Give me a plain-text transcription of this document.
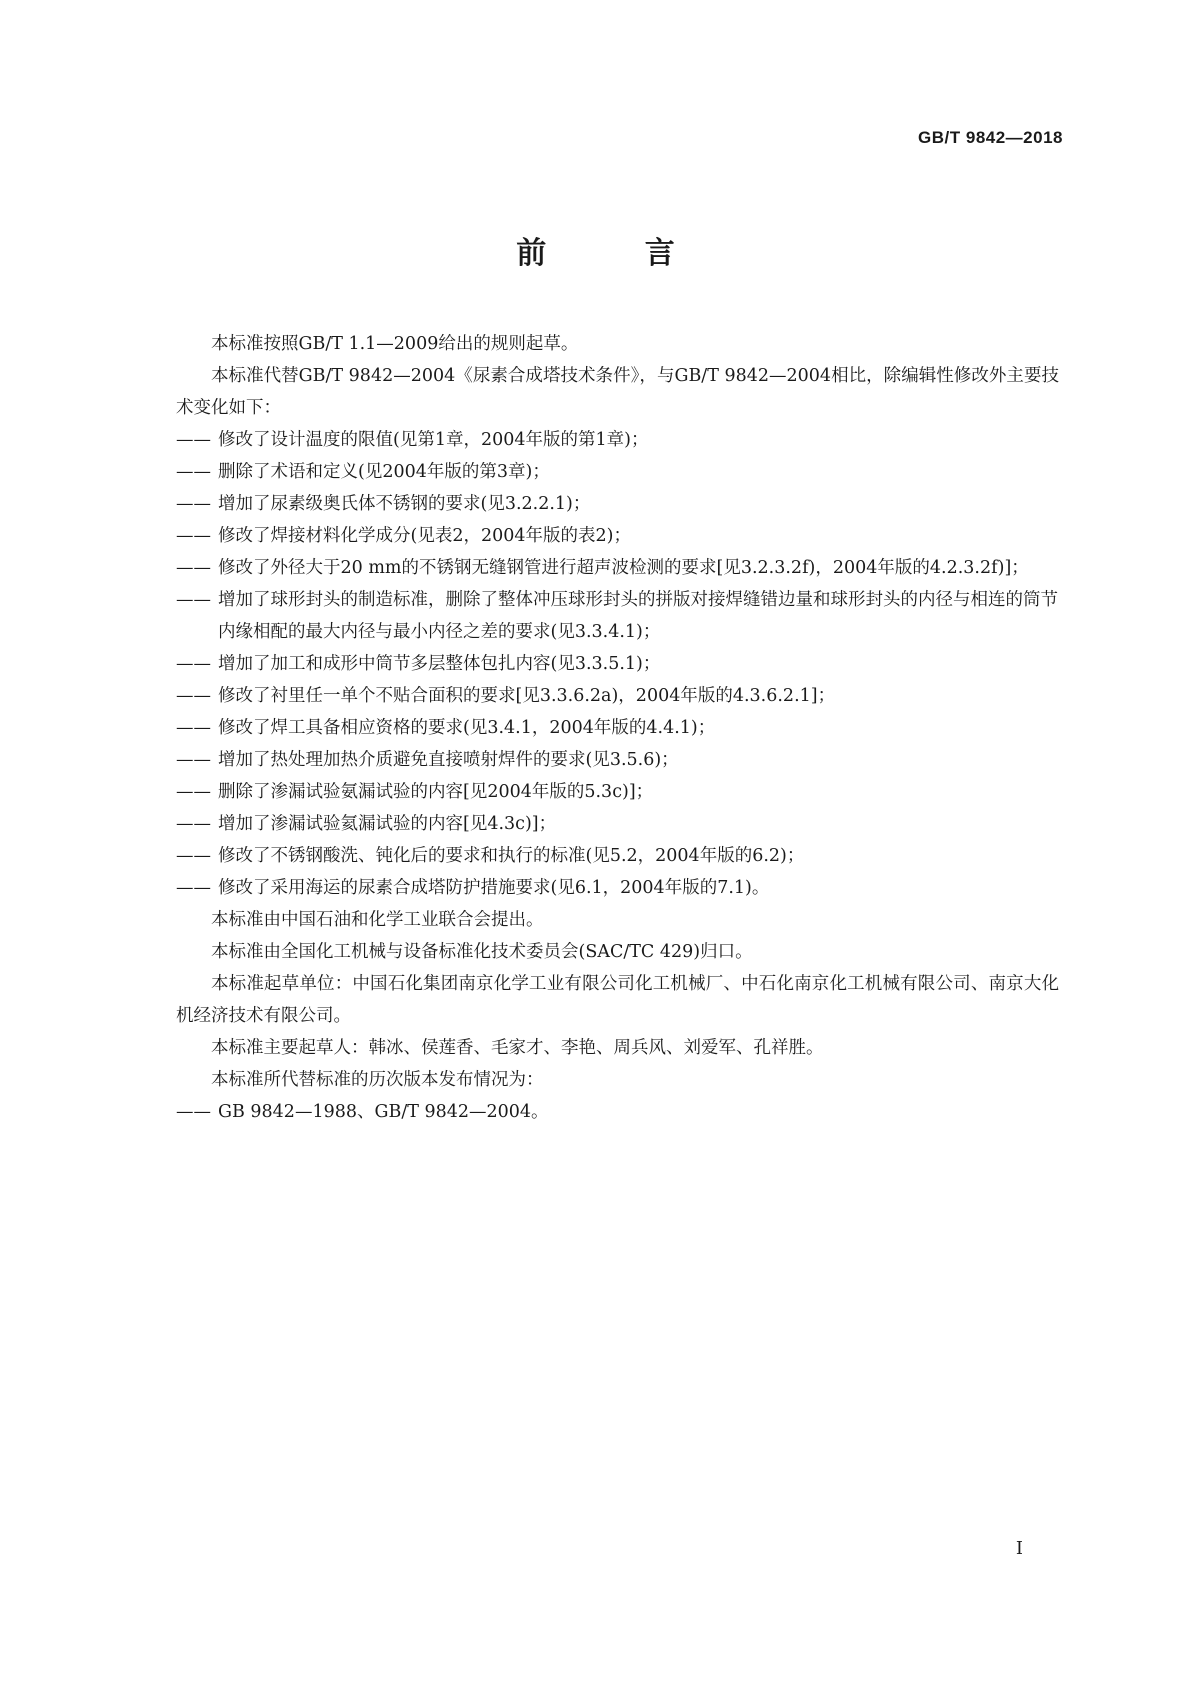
GB/T 9842—2018
前 言

本标准按照GB/T 1.1—2009给出的规则起草。

本标准代替GB/T 9842—2004《尿素合成塔技术条件》，与GB/T 9842—2004相比，除编辑性修改外主要技术变化如下：

—— 修改了设计温度的限值(见第1章，2004年版的第1章)；
—— 删除了术语和定义(见2004年版的第3章)；
—— 增加了尿素级奥氏体不锈钢的要求(见3.2.2.1)；
—— 修改了焊接材料化学成分(见表2，2004年版的表2)；
—— 修改了外径大于20 mm的不锈钢无缝钢管进行超声波检测的要求[见3.2.3.2f)，2004年版的4.2.3.2f)]；
—— 增加了球形封头的制造标准，删除了整体冲压球形封头的拼版对接焊缝错边量和球形封头的内径与相连的筒节内缘相配的最大内径与最小内径之差的要求(见3.3.4.1)；
—— 增加了加工和成形中筒节多层整体包扎内容(见3.3.5.1)；
—— 修改了衬里任一单个不贴合面积的要求[见3.3.6.2a)，2004年版的4.3.6.2.1]；
—— 修改了焊工具备相应资格的要求(见3.4.1，2004年版的4.4.1)；
—— 增加了热处理加热介质避免直接喷射焊件的要求(见3.5.6)；
—— 删除了渗漏试验氨漏试验的内容[见2004年版的5.3c)]；
—— 增加了渗漏试验氦漏试验的内容[见4.3c)]；
—— 修改了不锈钢酸洗、钝化后的要求和执行的标准(见5.2，2004年版的6.2)；
—— 修改了采用海运的尿素合成塔防护措施要求(见6.1，2004年版的7.1)。

本标准由中国石油和化学工业联合会提出。

本标准由全国化工机械与设备标准化技术委员会(SAC/TC 429)归口。

本标准起草单位：中国石化集团南京化学工业有限公司化工机械厂、中石化南京化工机械有限公司、南京大化机经济技术有限公司。

本标准主要起草人：韩冰、侯莲香、毛家才、李艳、周兵风、刘爱军、孔祥胜。

本标准所代替标准的历次版本发布情况为：

—— GB 9842—1988、GB/T 9842—2004。
I
